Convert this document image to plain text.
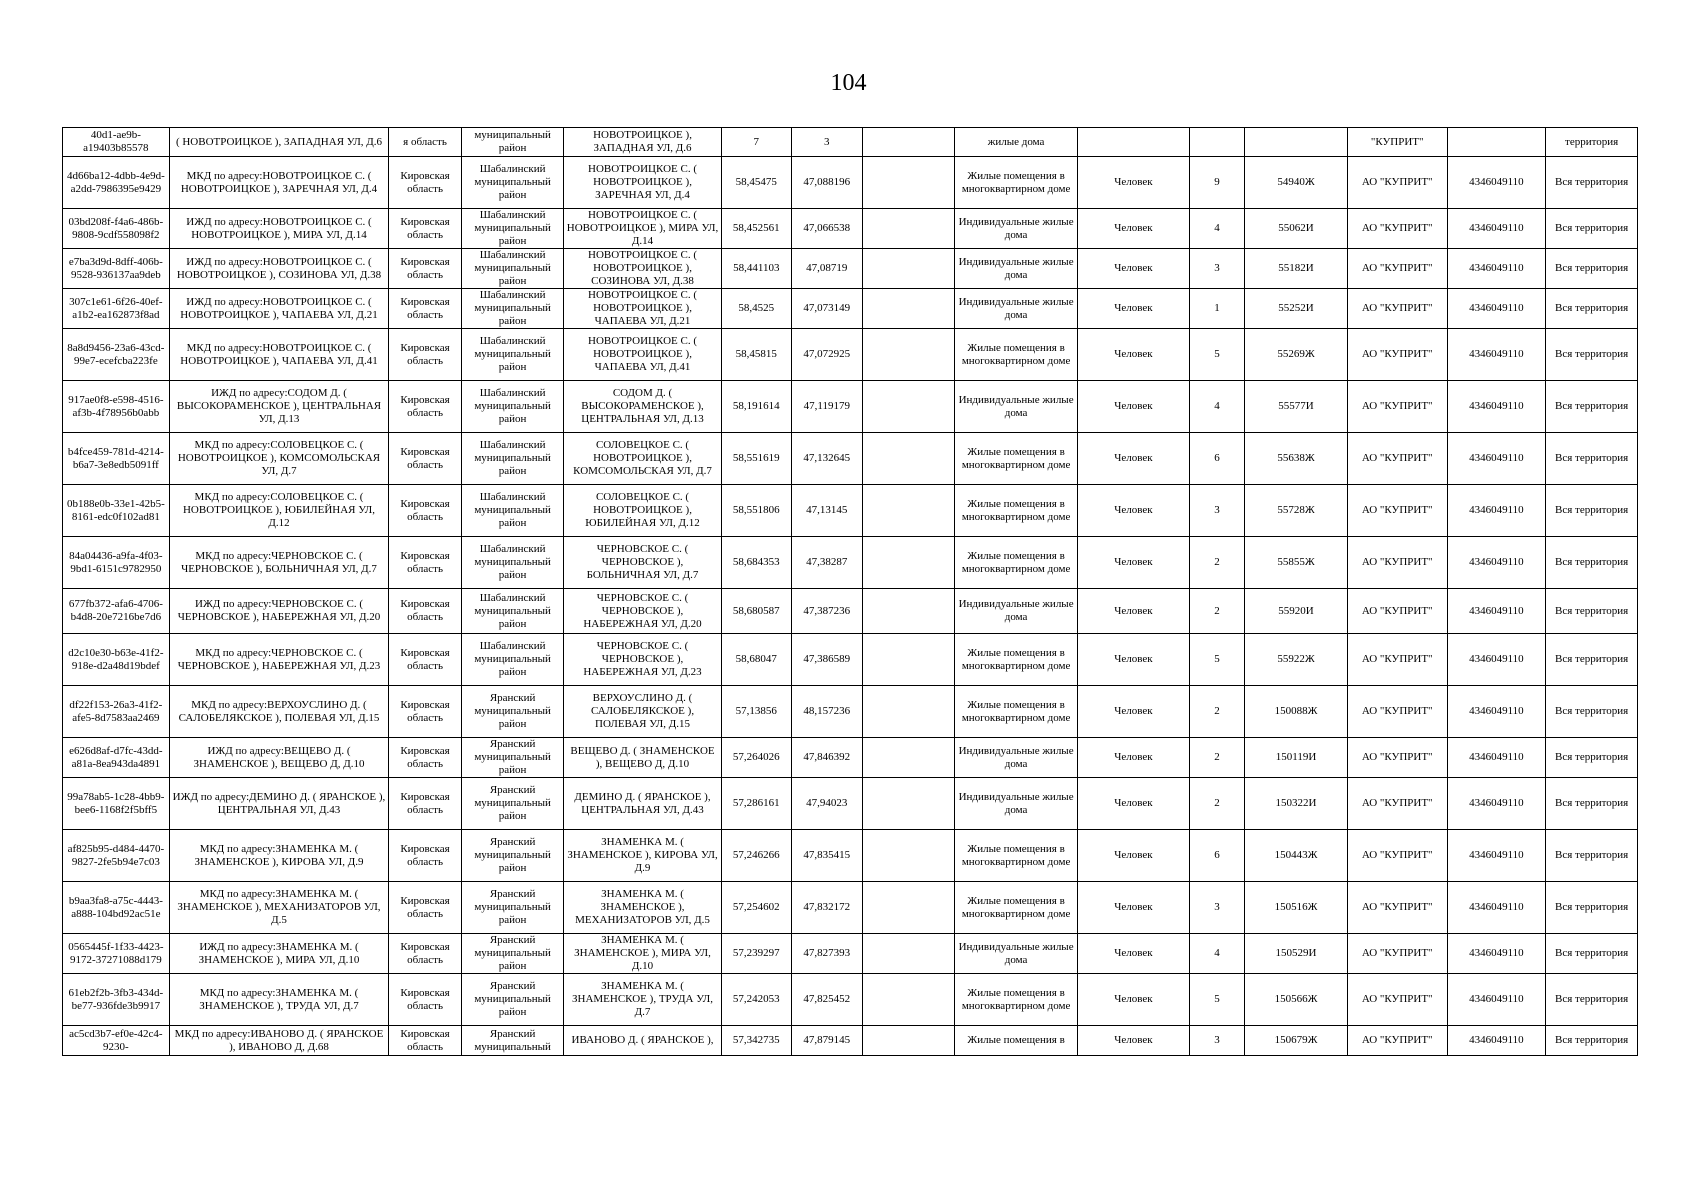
104
40d1-ae9b-a19403b85578	( НОВОТРОИЦКОЕ ), ЗАПАДНАЯ УЛ, Д.6	я область	муниципальный район	НОВОТРОИЦКОЕ ), ЗАПАДНАЯ УЛ, Д.6	7	3		жилые дома				"КУПРИТ"		территория
4d66ba12-4dbb-4e9d-a2dd-7986395e9429	МКД по адресу:НОВОТРОИЦКОЕ С. ( НОВОТРОИЦКОЕ ), ЗАРЕЧНАЯ УЛ, Д.4	Кировская область	Шабалинский муниципальный район	НОВОТРОИЦКОЕ С. ( НОВОТРОИЦКОЕ ), ЗАРЕЧНАЯ УЛ, Д.4	58,45475	47,088196		Жилые помещения в многоквартирном доме	Человек	9	54940Ж	АО "КУПРИТ"	4346049110	Вся территория
03bd208f-f4a6-486b-9808-9cdf558098f2	ИЖД по адресу:НОВОТРОИЦКОЕ С. ( НОВОТРОИЦКОЕ ), МИРА УЛ, Д.14	Кировская область	Шабалинский муниципальный район	НОВОТРОИЦКОЕ С. ( НОВОТРОИЦКОЕ ), МИРА УЛ, Д.14	58,452561	47,066538		Индивидуальные жилые дома	Человек	4	55062И	АО "КУПРИТ"	4346049110	Вся территория
e7ba3d9d-8dff-406b-9528-936137aa9deb	ИЖД по адресу:НОВОТРОИЦКОЕ С. ( НОВОТРОИЦКОЕ ), СОЗИНОВА УЛ, Д.38	Кировская область	Шабалинский муниципальный район	НОВОТРОИЦКОЕ С. ( НОВОТРОИЦКОЕ ), СОЗИНОВА УЛ, Д.38	58,441103	47,08719		Индивидуальные жилые дома	Человек	3	55182И	АО "КУПРИТ"	4346049110	Вся территория
307c1e61-6f26-40ef-a1b2-ea162873f8ad	ИЖД по адресу:НОВОТРОИЦКОЕ С. ( НОВОТРОИЦКОЕ ), ЧАПАЕВА УЛ, Д.21	Кировская область	Шабалинский муниципальный район	НОВОТРОИЦКОЕ С. ( НОВОТРОИЦКОЕ ), ЧАПАЕВА УЛ, Д.21	58,4525	47,073149		Индивидуальные жилые дома	Человек	1	55252И	АО "КУПРИТ"	4346049110	Вся территория
8a8d9456-23a6-43cd-99e7-ecefcba223fe	МКД по адресу:НОВОТРОИЦКОЕ С. ( НОВОТРОИЦКОЕ ), ЧАПАЕВА УЛ, Д.41	Кировская область	Шабалинский муниципальный район	НОВОТРОИЦКОЕ С. ( НОВОТРОИЦКОЕ ), ЧАПАЕВА УЛ, Д.41	58,45815	47,072925		Жилые помещения в многоквартирном доме	Человек	5	55269Ж	АО "КУПРИТ"	4346049110	Вся территория
917ae0f8-e598-4516-af3b-4f78956b0abb	ИЖД по адресу:СОДОМ Д. ( ВЫСОКОРАМЕНСКОЕ ), ЦЕНТРАЛЬНАЯ УЛ, Д.13	Кировская область	Шабалинский муниципальный район	СОДОМ Д. ( ВЫСОКОРАМЕНСКОЕ ), ЦЕНТРАЛЬНАЯ УЛ, Д.13	58,191614	47,119179		Индивидуальные жилые дома	Человек	4	55577И	АО "КУПРИТ"	4346049110	Вся территория
b4fce459-781d-4214-b6a7-3e8edb5091ff	МКД по адресу:СОЛОВЕЦКОЕ С. ( НОВОТРОИЦКОЕ ), КОМСОМОЛЬСКАЯ УЛ, Д.7	Кировская область	Шабалинский муниципальный район	СОЛОВЕЦКОЕ С. ( НОВОТРОИЦКОЕ ), КОМСОМОЛЬСКАЯ УЛ, Д.7	58,551619	47,132645		Жилые помещения в многоквартирном доме	Человек	6	55638Ж	АО "КУПРИТ"	4346049110	Вся территория
0b188e0b-33e1-42b5-8161-edc0f102ad81	МКД по адресу:СОЛОВЕЦКОЕ С. ( НОВОТРОИЦКОЕ ), ЮБИЛЕЙНАЯ УЛ, Д.12	Кировская область	Шабалинский муниципальный район	СОЛОВЕЦКОЕ С. ( НОВОТРОИЦКОЕ ), ЮБИЛЕЙНАЯ УЛ, Д.12	58,551806	47,13145		Жилые помещения в многоквартирном доме	Человек	3	55728Ж	АО "КУПРИТ"	4346049110	Вся территория
84a04436-a9fa-4f03-9bd1-6151c9782950	МКД по адресу:ЧЕРНОВСКОЕ С. ( ЧЕРНОВСКОЕ ), БОЛЬНИЧНАЯ УЛ, Д.7	Кировская область	Шабалинский муниципальный район	ЧЕРНОВСКОЕ С. ( ЧЕРНОВСКОЕ ), БОЛЬНИЧНАЯ УЛ, Д.7	58,684353	47,38287		Жилые помещения в многоквартирном доме	Человек	2	55855Ж	АО "КУПРИТ"	4346049110	Вся территория
677fb372-afa6-4706-b4d8-20e7216be7d6	ИЖД по адресу:ЧЕРНОВСКОЕ С. ( ЧЕРНОВСКОЕ ), НАБЕРЕЖНАЯ УЛ, Д.20	Кировская область	Шабалинский муниципальный район	ЧЕРНОВСКОЕ С. ( ЧЕРНОВСКОЕ ), НАБЕРЕЖНАЯ УЛ, Д.20	58,680587	47,387236		Индивидуальные жилые дома	Человек	2	55920И	АО "КУПРИТ"	4346049110	Вся территория
d2c10e30-b63e-41f2-918e-d2a48d19bdef	МКД по адресу:ЧЕРНОВСКОЕ С. ( ЧЕРНОВСКОЕ ), НАБЕРЕЖНАЯ УЛ, Д.23	Кировская область	Шабалинский муниципальный район	ЧЕРНОВСКОЕ С. ( ЧЕРНОВСКОЕ ), НАБЕРЕЖНАЯ УЛ, Д.23	58,68047	47,386589		Жилые помещения в многоквартирном доме	Человек	5	55922Ж	АО "КУПРИТ"	4346049110	Вся территория
df22f153-26a3-41f2-afe5-8d7583aa2469	МКД по адресу:ВЕРХОУСЛИНО Д. ( САЛОБЕЛЯКСКОЕ ), ПОЛЕВАЯ УЛ, Д.15	Кировская область	Яранский муниципальный район	ВЕРХОУСЛИНО Д. ( САЛОБЕЛЯКСКОЕ ), ПОЛЕВАЯ УЛ, Д.15	57,13856	48,157236		Жилые помещения в многоквартирном доме	Человек	2	150088Ж	АО "КУПРИТ"	4346049110	Вся территория
e626d8af-d7fc-43dd-a81a-8ea943da4891	ИЖД по адресу:ВЕЩЕВО Д. ( ЗНАМЕНСКОЕ ), ВЕЩЕВО Д, Д.10	Кировская область	Яранский муниципальный район	ВЕЩЕВО Д. ( ЗНАМЕНСКОЕ ), ВЕЩЕВО Д, Д.10	57,264026	47,846392		Индивидуальные жилые дома	Человек	2	150119И	АО "КУПРИТ"	4346049110	Вся территория
99a78ab5-1c28-4bb9-bee6-1168f2f5bff5	ИЖД по адресу:ДЕМИНО Д. ( ЯРАНСКОЕ ), ЦЕНТРАЛЬНАЯ УЛ, Д.43	Кировская область	Яранский муниципальный район	ДЕМИНО Д. ( ЯРАНСКОЕ ), ЦЕНТРАЛЬНАЯ УЛ, Д.43	57,286161	47,94023		Индивидуальные жилые дома	Человек	2	150322И	АО "КУПРИТ"	4346049110	Вся территория
af825b95-d484-4470-9827-2fe5b94e7c03	МКД по адресу:ЗНАМЕНКА М. ( ЗНАМЕНСКОЕ ), КИРОВА УЛ, Д.9	Кировская область	Яранский муниципальный район	ЗНАМЕНКА М. ( ЗНАМЕНСКОЕ ), КИРОВА УЛ, Д.9	57,246266	47,835415		Жилые помещения в многоквартирном доме	Человек	6	150443Ж	АО "КУПРИТ"	4346049110	Вся территория
b9aa3fa8-a75c-4443-a888-104bd92ac51e	МКД по адресу:ЗНАМЕНКА М. ( ЗНАМЕНСКОЕ ), МЕХАНИЗАТОРОВ УЛ, Д.5	Кировская область	Яранский муниципальный район	ЗНАМЕНКА М. ( ЗНАМЕНСКОЕ ), МЕХАНИЗАТОРОВ УЛ, Д.5	57,254602	47,832172		Жилые помещения в многоквартирном доме	Человек	3	150516Ж	АО "КУПРИТ"	4346049110	Вся территория
0565445f-1f33-4423-9172-37271088d179	ИЖД по адресу:ЗНАМЕНКА М. ( ЗНАМЕНСКОЕ ), МИРА УЛ, Д.10	Кировская область	Яранский муниципальный район	ЗНАМЕНКА М. ( ЗНАМЕНСКОЕ ), МИРА УЛ, Д.10	57,239297	47,827393		Индивидуальные жилые дома	Человек	4	150529И	АО "КУПРИТ"	4346049110	Вся территория
61eb2f2b-3fb3-434d-be77-936fde3b9917	МКД по адресу:ЗНАМЕНКА М. ( ЗНАМЕНСКОЕ ), ТРУДА УЛ, Д.7	Кировская область	Яранский муниципальный район	ЗНАМЕНКА М. ( ЗНАМЕНСКОЕ ), ТРУДА УЛ, Д.7	57,242053	47,825452		Жилые помещения в многоквартирном доме	Человек	5	150566Ж	АО "КУПРИТ"	4346049110	Вся территория
ac5cd3b7-ef0e-42c4-9230-	МКД по адресу:ИВАНОВО Д. ( ЯРАНСКОЕ ), ИВАНОВО Д, Д.68	Кировская область	Яранский муниципальный	ИВАНОВО Д. ( ЯРАНСКОЕ ),	57,342735	47,879145		Жилые помещения в	Человек	3	150679Ж	АО "КУПРИТ"	4346049110	Вся территория
